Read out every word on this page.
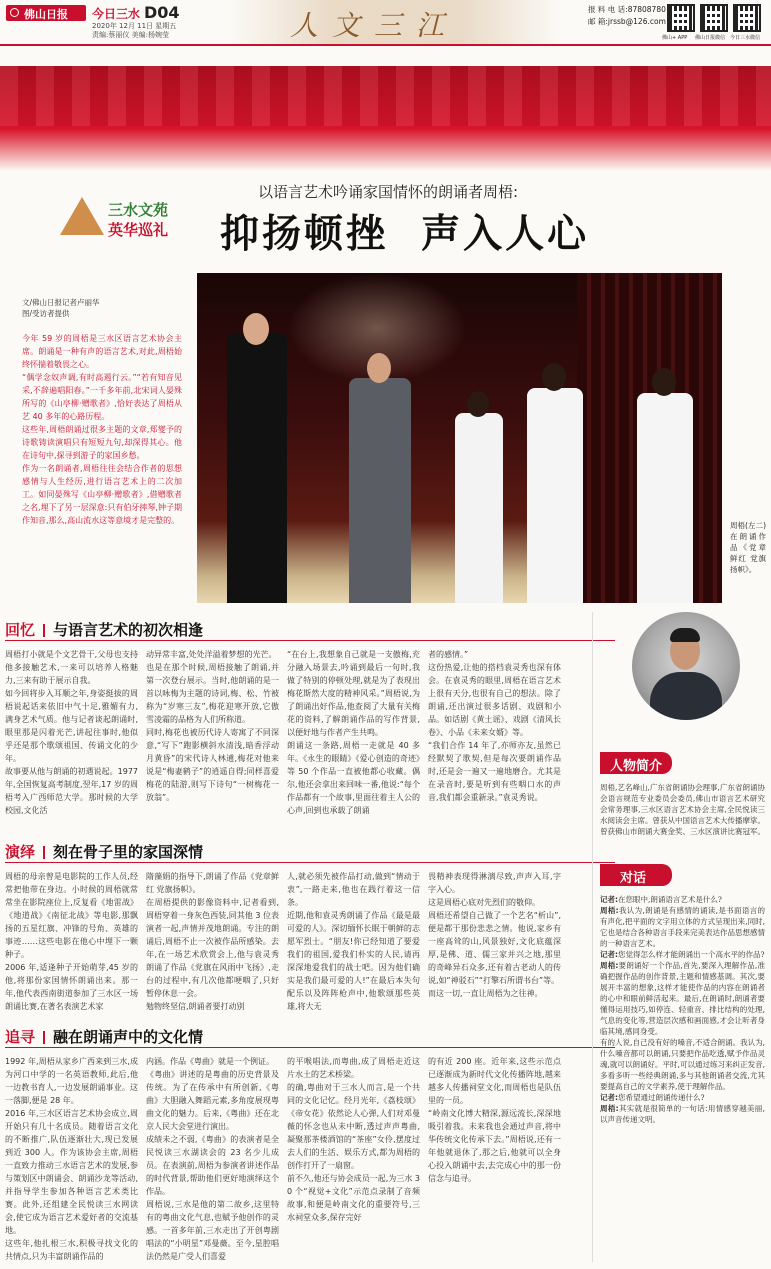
佛山日报 今日三水 D04
2020年 12月 11日 星期五
责编:蔡丽仪 美编:杨婉莹	人文三江	报 料 电 话:87808780
邮 箱:jrssb@126.com
佛山+ APP 佛山日报微信 今日三水微信
三水文苑
英华巡礼
以语言艺术吟诵家国情怀的朗诵者周梧:
抑扬顿挫  声入人心
文/佛山日报记者卢丽华
图/受访者提供
今年 59 岁的周梧是三水区语言艺术协会主席。朗诵是一种有声的语言艺术,对此,周梧始终怀揣着敬畏之心。
“偶学念奴声调,有时高遏行云。”“若有知音见采,不辞遍唱阳春。”一千多年前,北宋词人晏殊所写的《山亭柳·赠歌者》,恰好表达了周梧从艺 40 多年的心路历程。
这些年,周梧朗诵过很多主题的文章,郑燮予的诗歌铸读演唱只有短短九句,却深得其心。他在诗句中,探寻到游子的家国乡愁。
作为一名朗诵者,周梧往往会结合作者的思想感情与人生经历,进行语言艺术上的二次加工。如同晏殊写《山亭柳·赠歌者》,借赠歌者之名,埋下了另一层深意:只有伯牙摔琴,钟子期作知音,那么,高山流水这等意境才是完整的。
周梧(左二)在朗诵作品《党章鲜红 党旗扬帜》。
回忆 与语言艺术的初次相逢
周梧打小就是个文艺骨干,父母也支持他多接触艺术,一来可以培养人格魅力,三来有助于展示自我。
如今回将步入耳顺之年,身姿挺拔的周梧说起话来依旧中气十足,雅媚有力,满身艺术气质。他与记者谈起朗诵时,眼里那是闪着光芒,讲起往事时,他似乎还是那个歌颂祖国、传诵文化的少年。
故事要从他与朗诵的初遇说起。1977 年,全国恢复高考制度,翌年,17 岁的周梧考入广西师范大学。那时候的大学校园,文化活
动异常丰富,处处洋溢着梦想的光芒。
也是在那个时候,周梧接触了朗诵,并第一次登台展示。当时,他朗诵的是一首以咏梅为主题的诗词,梅、松、竹被称为“岁寒三友”,梅花迎寒开放,它傲雪凌霜的品格为人们所称道。
同时,梅花也被历代诗人寄寓了不同深意,“写下”跑影横斜水清浅,暗香浮动月黄昏”的宋代诗人林逋,梅花对他来说是“梅妻鹤子”的逍遥自得;同样喜爱梅花的陆游,则写下诗句“一树梅花一放翁”。
“在台上,我想象自己就是一支傲梅,充分融入场景去,吟诵到最后一句时,我做了特别的停顿处理,就是为了表现出梅花斯然大度的精神风采。”周梧说,为了朗诵出好作品,他查阅了大量有关梅花的资料,了解朗诵作品的写作背景,以便好地与作者产生共鸣。
朗诵这一条路,周梧一走就是 40 多年。《永生的眼睛》《爱心创造的奇迹》等 50 个作品一直被他都心收藏。偶尔,他还会拿出来回味一番,他说:“每个作品都有一个故事,里面往着主人公的心声,回到也承载了朗诵
者的感情。”
这份热爱,让他的搭档袁灵秀也深有体会。在袁灵秀的眼里,周梧在语言艺术上很有天分,也很有自己的想法。除了朗诵,还出演过很多话剧、戏剧和小品。如话剧《黄土谣》、戏剧《清风长卷》、小品《未来女婿》等。
“我们合作 14 年了,亦师亦友,虽然已经默契了歌契,但是每次要朗诵作品时,还是会一遍又一遍地磨合。尤其是在录音时,要是听到有些咽口水的声音,我们都会重新录。”袁灵秀说。
演绎 刻在骨子里的家国深情
周梧的母亲曾是电影院的工作人员,经常把他带在身边。小时候的周梧就常常坐在影院座位上,反复看《地雷战》《地道战》《南征北战》等电影,那飘扬的五星红旗、冲锋的号角、英雄的事迹……这些电影在他心中埋下一颗种子。
2006 年,适逢种子开始萌芽,45 岁的他,将那份家国情怀朗诵出来。那一年,他代表西南街道参加了三水区一场朗诵比赛,在著名表演艺术家
隋藻娟的指导下,朗诵了作品《党章鲜红 党旗扬帜》。
在周梧提供的影像资料中,记者看到,周梧穿着一身灰色西装,同其他 3 位表演者一起,声情并茂地朗诵。专注的朗诵后,周梧不止一次被作品所感染。去年,在一场艺术欣赏会上,他与袁灵秀朗诵了作品《党旗在风雨中飞扬》,走台的过程中,有几次他都哽咽了,只好暂停休息一会。
勉物终坚信,朗诵者要打动别
人,就必须先被作品打动,做到“情动于衷”,一路走来,他也在践行着这一信条。
近期,他和袁灵秀朗诵了作品《最是最可爱的人》。深切缅怀长眠于朝鲜的志愿军烈士。“朋友!你已经知道了要爱我们的祖国,爱我们朴实的人民,请再深深地爱我们的战士吧。因为他们确实是我们最可爱的人!”在最后本失句配乐以及阵阵枪声中,他歌颂那些英雄,将大无
畏精神表现得淋漓尽致,声声入耳,字字入心。
这是周梧心底对先烈们的敬仰。
周梧还希望自己做了一个艺名“析山”,便是都于那份悲悲之情。他说,家乡有一座高耸的山,风景独好,文化底蕴深厚,是佛、道、儒三家并兴之地,那里的奇峰异石众多,还有着古老动人的传说,如“神驳石”“打擎石所谓书台”等。
而这一切,一直让周梧为之往神。
追寻 融在朗诵声中的文化情
1992 年,周梧从家乡广西来到三水,成为河口中学的一名英语教师,此后,他一边教书育人,一边发展朗诵事业。这一落脚,便是 28 年。
2016 年,三水区语言艺术协会成立,周开始只有几十名成员。随着语言文化的不断推广,队伍逐渐壮大,现已发展到近 300 人。作为该协会主席,周梧一直致力推动三水语言艺术的发展,参与策划区中朗诵会、朗诵沙龙等活动,并指导学生参加各种语言艺术类比赛。此外,还组建全民悦读三水网读会,使它成为语言艺术爱好者的交流基地。
这些年,他扎根三水,积极寻找文化的共情点,只为丰富朗诵作品的
内涵。作品《粤曲》就是一个例证。
《粤曲》讲述的是粤曲的历史背景及传统。为了在传承中有所创新,《粤曲》大胆融入舞蹈元素,多角度展现粤曲文化的魅力。后来,《粤曲》还在北京人民大会堂进行演出。
成绩未之不弱,《粤曲》的表演者是全民悦读三水湖读会的 23 名少儿成员。在表演前,周梧为参演者讲述作品的时代背景,帮助他们更好地演绎这个作品。
周梧说,三水是他的第二故乡,这里特有的粤曲文化气息,也赋予他创作的灵感。一首多年前,三水走出了开创粤剧唱法的“小明星”邓曼薇。至今,星腔唱法仍然是广受人们喜爱
的平喉唱法,而粤曲,成了周梧走近这片水土的艺术桥梁。
的确,粤曲对于三水人而言,是一个共同的文化记忆。经月光年,《荔枝颂》《帝女花》依然论人心弹,人们对邓曼薇的怀念也从未中断,透过声声粤曲,凝聚那茶楼酒馆的“茶座”女伶,摆度过去人们的生活、娱乐方式,都为周梧的创作打开了一扇窗。
前不久,他还与协会成员一起,为三水 30 个“视觉+文化”示范点录制了音频故事,和便是岭南文化的重要符号,三水祠堂众多,保存完好
的有近 200 座。近年来,这些示范点已逐渐成为新时代文化传播阵地,越来越多人传播祠堂文化,而周梧也是队伍里的一员。
“岭南文化博大精深,源远流长,深深地吸引着我。未来我也会通过声音,将中华传统文化传承下去。”周梧说,还有一年他就退休了,那之后,他就可以全身心投入朗诵中去,去完成心中的那一份信念与追寻。
人物简介
周梧,艺名峰山,广东省朗诵协会理事,广东省朗诵协会语言规范专业委员会委员,佛山市语言艺术研究会常务理事,三水区语言艺术协会主席,全民悦读三水阅读会主席。曾获从中国语言艺术大传播摩挲。曾获佛山市朗诵大赛金奖、三水区演讲比赛冠军。
对话
记者:在您眼中,朗诵语言艺术是什么?
周梧:我认为,朗诵是有感情的诵读,是书面语言的有声化,把平面的文字用立体的方式呈现出来,同时,它也是结合各种语言手段来完美表达作品思想感情的一种语言艺术。
记者:您觉得怎么样才能朗诵出一个高水平的作品?
周梧:要朗诵好一个作品,首先,要深入理解作品,准确把握作品的创作背景,主题和情感基调。其次,要展开丰富的想象,这样才能使作品的内容在朗诵者的心中和眼前鲜活起来。最后,在朗诵时,朗诵者要懂得运用技巧,如停连、轻重音、排比结构的处理,气息的变化等,营造层次感和画面感,才会让听者身临其境,感同身受。
有的人说,自己没有好的嗓音,不适合朗诵。我认为,什么嗓音都可以朗诵,只要把作品吃透,赋予作品灵魂,就可以朗诵好。平时,可以通过练习来纠正发音,多看多听一些经典朗诵,多与其他朗诵者交流,尤其要提高自己的文学素养,使于理解作品。
记者:您希望通过朗诵传递什么?
周梧:其实就是很简单的一句话:用情感穿越美丽,以声音传递文明。
